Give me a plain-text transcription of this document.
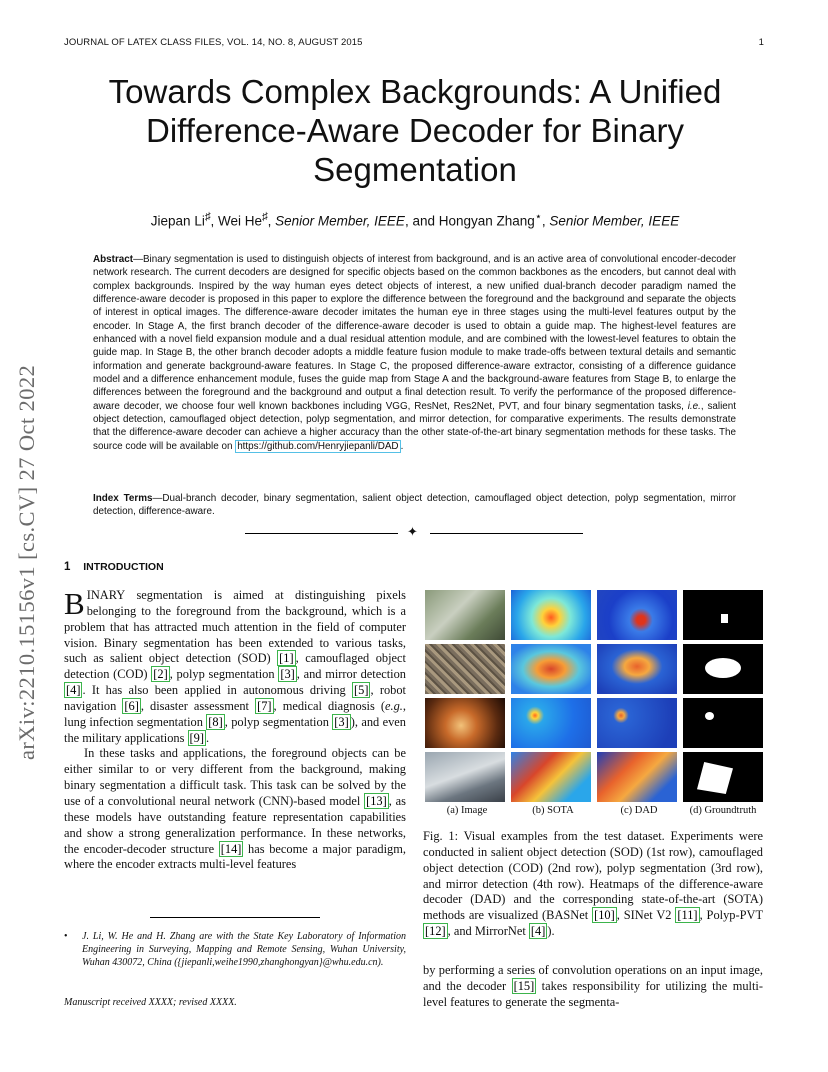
JOURNAL OF LATEX CLASS FILES, VOL. 14, NO. 8, AUGUST 2015	1
arXiv:2210.15156v1 [cs.CV] 27 Oct 2022
Towards Complex Backgrounds: A Unified Difference-Aware Decoder for Binary Segmentation
Jiepan Li♯, Wei He♯, Senior Member, IEEE, and Hongyan Zhang⋆, Senior Member, IEEE
Abstract—Binary segmentation is used to distinguish objects of interest from background, and is an active area of convolutional encoder-decoder network research. The current decoders are designed for specific objects based on the common backbones as the encoders, but cannot deal with complex backgrounds. Inspired by the way human eyes detect objects of interest, a new unified dual-branch decoder paradigm named the difference-aware decoder is proposed in this paper to explore the difference between the foreground and the background and separate the objects of interest in optical images. The difference-aware decoder imitates the human eye in three stages using the multi-level features output by the encoder. In Stage A, the first branch decoder of the difference-aware decoder is used to obtain a guide map. The highest-level features are enhanced with a novel field expansion module and a dual residual attention module, and are combined with the lowest-level features to obtain the guide map. In Stage B, the other branch decoder adopts a middle feature fusion module to make trade-offs between textural details and semantic information and generate background-aware features. In Stage C, the proposed difference-aware extractor, consisting of a difference guidance model and a difference enhancement module, fuses the guide map from Stage A and the background-aware features from Stage B, to enlarge the differences between the foreground and the background and output a final detection result. To verify the performance of the proposed difference-aware decoder, we choose four well known backbones including VGG, ResNet, Res2Net, PVT, and four binary segmentation tasks, i.e., salient object detection, camouflaged object detection, polyp segmentation, and mirror detection, for comparative experiments. The results demonstrate that the difference-aware decoder can achieve a higher accuracy than the other state-of-the-art binary segmentation methods for these tasks. The source code will be available on https://github.com/Henryjiepanli/DAD .
Index Terms—Dual-branch decoder, binary segmentation, salient object detection, camouflaged object detection, polyp segmentation, mirror detection, difference-aware.
✦
1 INTRODUCTION

BINARY segmentation is aimed at distinguishing pixels belonging to the foreground from the background, which is a problem that has attracted much attention in the field of computer vision. Binary segmentation has been extended to various tasks, such as salient object detection (SOD) [1] , camouflaged object detection (COD) [2] , polyp segmentation [3] , and mirror detection [4] . It has also been applied in autonomous driving [5] , robot navigation [6] , disaster assessment [7] , medical diagnosis (e.g., lung infection segmentation [8] , polyp segmentation [3] ), and even the military applications [9] .

In these tasks and applications, the foreground objects can be either similar to or very different from the background, making binary segmentation a difficult task. This task can be solved by the use of a convolutional neural network (CNN)-based model [13] , as these models have outstanding feature representation capabilities and show a strong generalization performance. In these networks, the encoder-decoder structure [14] has become a major paradigm, where the encoder extracts multi-level features

• J. Li, W. He and H. Zhang are with the State Key Laboratory of Information Engineering in Surveying, Mapping and Remote Sensing, Wuhan University, Wuhan 430072, China ({jiepanli,weihe1990,zhanghongyan}@whu.edu.cn).
Manuscript received XXXX; revised XXXX.
(a) Image	(b) SOTA	(c) DAD	(d) Groundtruth
Fig. 1: Visual examples from the test dataset. Experiments were conducted in salient object detection (SOD) (1st row), camouflaged object detection (COD) (2nd row), polyp segmentation (3rd row), and mirror detection (4th row). Heatmaps of the difference-aware decoder (DAD) and the corresponding state-of-the-art (SOTA) methods are visualized (BASNet [10] , SINet V2 [11] , Polyp-PVT [12] , and MirrorNet [4] ).
by performing a series of convolution operations on an input image, and the decoder [15] takes responsibility for utilizing the multi-level features to generate the segmenta-
